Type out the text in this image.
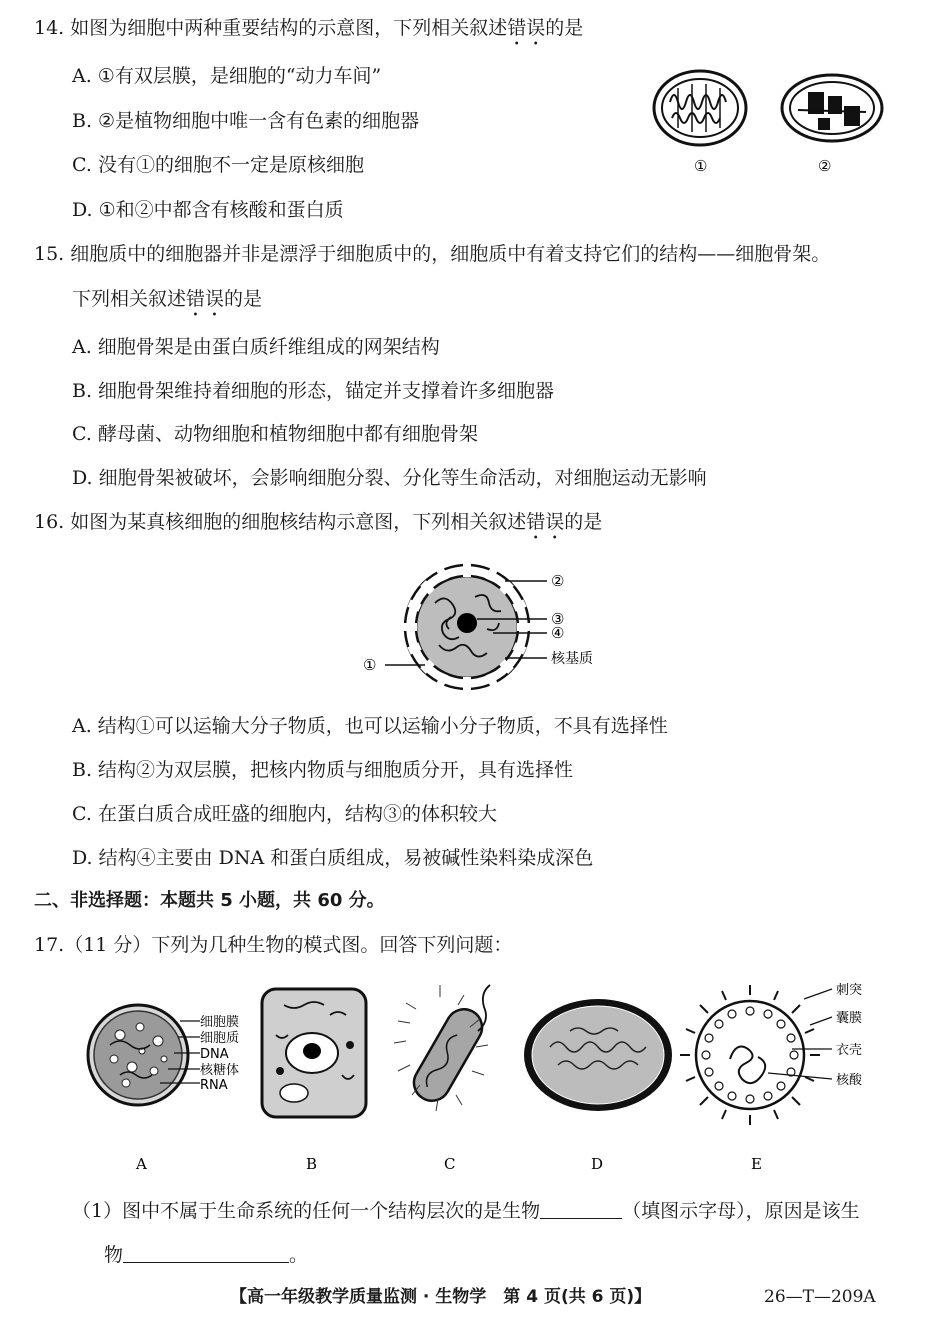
14. 如图为细胞中两种重要结构的示意图，下列相关叙述错误的是
A. ①有双层膜，是细胞的“动力车间”
B. ②是植物细胞中唯一含有色素的细胞器
C. 没有①的细胞不一定是原核细胞
D. ①和②中都含有核酸和蛋白质
①	②
15. 细胞质中的细胞器并非是漂浮于细胞质中的，细胞质中有着支持它们的结构——细胞骨架。
下列相关叙述错误的是
A. 细胞骨架是由蛋白质纤维组成的网架结构
B. 细胞骨架维持着细胞的形态，锚定并支撑着许多细胞器
C. 酵母菌、动物细胞和植物细胞中都有细胞骨架
D. 细胞骨架被破坏，会影响细胞分裂、分化等生命活动，对细胞运动无影响
16. 如图为某真核细胞的细胞核结构示意图，下列相关叙述错误的是
②
③
④
核基质
①
A. 结构①可以运输大分子物质，也可以运输小分子物质，不具有选择性
B. 结构②为双层膜，把核内物质与细胞质分开，具有选择性
C. 在蛋白质合成旺盛的细胞内，结构③的体积较大
D. 结构④主要由 DNA 和蛋白质组成，易被碱性染料染成深色
二、非选择题：本题共 5 小题，共 60 分。
17.（11 分）下列为几种生物的模式图。回答下列问题：
细胞膜
细胞质
DNA
核糖体
RNA
刺突
囊膜
衣壳
核酸
A	B	C	D	E
（1）图中不属于生命系统的任何一个结构层次的是生物	（填图示字母），原因是该生
物	。
【高一年级教学质量监测 · 生物学　第 4 页(共 6 页)】	26—T—209A
